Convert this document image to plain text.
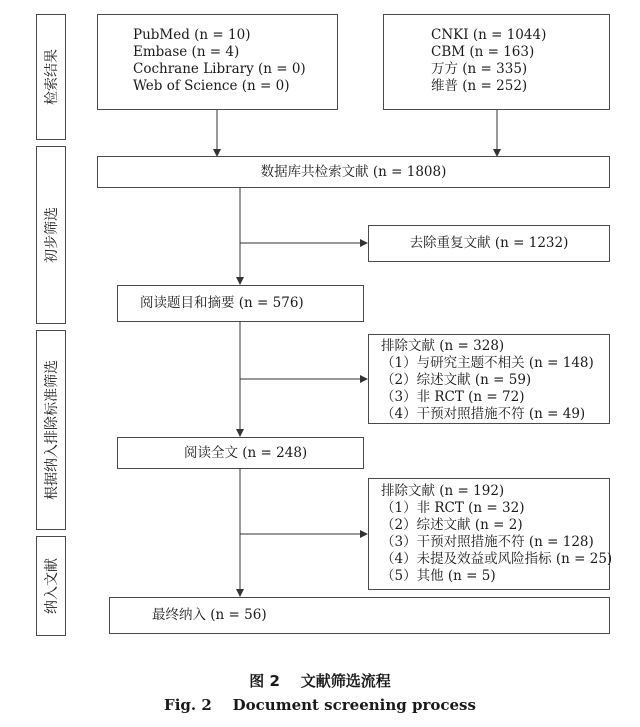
检索结果
初步筛选
根据纳入排除标准筛选
纳入文献
PubMed (n = 10)
Embase (n = 4)
Cochrane Library (n = 0)
Web of Science (n = 0)
CNKI (n = 1044)
CBM (n = 163)
万方 (n = 335)
维普 (n = 252)
数据库共检索文献 (n = 1808)
去除重复文献 (n = 1232)
阅读题目和摘要 (n = 576)
排除文献 (n = 328)
（1）与研究主题不相关 (n = 148)
（2）综述文献 (n = 59)
（3）非 RCT (n = 72)
（4）干预对照措施不符 (n = 49)
阅读全文 (n = 248)
排除文献 (n = 192)
（1）非 RCT (n = 32)
（2）综述文献 (n = 2)
（3）干预对照措施不符 (n = 128)
（4）未提及效益或风险指标 (n = 25)
（5）其他 (n = 5)
最终纳入 (n = 56)
图 2    文献筛选流程
Fig. 2    Document screening process
